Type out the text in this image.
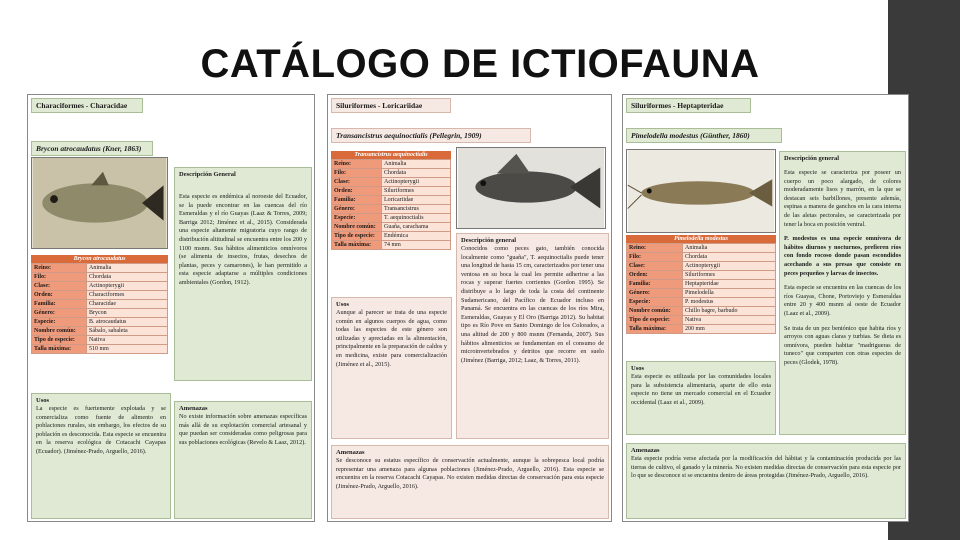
CATÁLOGO DE ICTIOFAUNA
Characiformes - Characidae
Brycon atrocaudatus (Kner, 1863)
Descripción General
Esta especie es endémica al noroeste del Ecuador, se la puede encontrar en las cuencas del río Esmeraldas y el río Guayas (Laaz & Torres, 2009; Barriga 2012; Jiménez et al., 2015). Considerada una especie altamente migratoria cuyo rango de distribución altitudinal se encuentra entre los 200 y 1100 msnm. Sus hábitos alimenticios omnívoros (se alimenta de insectos, frutas, desechos de plantas, peces y camarones), le han permitido a esta especie adaptarse a múltiples condiciones ambientales (Gordon, 1912).
Brycon atrocaudatus
Reino:	Animalia
Filo:	Chordata
Clase:	Actinopterygii
Orden:	Characiformes
Familia:	Characidae
Género:	Brycon
Especie:	B. atrocaudatus
Nombre común:	Sábalo, sabaleta
Tipo de especie:	Nativa
Talla máxima:	510 mm
Usos
La especie es fuertemente explotada y se comercializa como fuente de alimento en poblaciones rurales, sin embargo, los efectos de su población es desconocida. Esta especie se encuentra en la reserva ecológica de Cotacachi Cayapas (Ecuador). (Jiménez-Prado, Arguello, 2016).
Amenazas
No existe información sobre amenazas específicas más allá de su explotación comercial artesanal y que puedan ser consideradas como peligrosas para sus poblaciones ecológicas (Revelo & Laaz, 2012).
Siluriformes - Loricariidae
Transancistrus aequinoctialis (Pellegrin, 1909)
Transancistrus aequinoctialis
Reino:	Animalia
Filo:	Chordata
Clase:	Actinopterygii
Orden:	Siluriformes
Familia:	Loricariidae
Género:	Transancistrus
Especie:	T. aequinoctialis
Nombre común:	Guaña, carachama
Tipo de especie:	Endémica
Talla máxima:	74 mm
Descripción general
Conocidos como peces gato, también conocida localmente como "guaña", T. aequinoctialis puede tener una longitud de hasta 15 cm, caracterizados por tener una ventosa en su boca la cual les permite adherirse a las rocas y superar fuertes corrientes (Gordon 1995). Se distribuye a lo largo de toda la costa del continente Sudamericano, del Pacífico de Ecuador incluso en Panamá. Se encuentra en las cuencas de los ríos Mira, Esmeraldas, Guayas y El Oro (Barriga 2012). Su habitat tipo es Río Pove en Santo Domingo de los Colorados, a una altitud de 200 y 800 msnm (Fernanda, 2007). Sus hábitos alimenticios se fundamentan en el consumo de microinvertebrados y detritos que recorre en suelo (Jiménez (Barriga, 2012; Laaz, & Torres, 2011).
Usos
Aunque al parecer se trata de una especie común en algunos cuerpos de agua, como todas las especies de este género son utilizadas y apreciadas en la alimentación, principalmente en la preparación de caldos y en medicina, existe para comercialización (Jiménez et al., 2015).
Amenazas
Se desconoce su estatus específico de conservación actualmente, aunque la sobrepesca local podría representar una amenaza para algunas poblaciones (Jiménez-Prado, Arguello, 2016). Esta especie se encuentra en la reserva Cotacachi Cayapas. No existen medidas directas de conservación para esta especie (Jiménez-Prado, Arguello, 2016).
Siluriformes - Heptapteridae
Pimelodella modestus (Günther, 1860)
Descripción general
Esta especie se caracteriza por poseer un cuerpo un poco alargado, de colores moderadamente lisos y marrón, en la que se destacan seis barbillones, presente además, espinas a manera de ganchos en la cara interna de las aletas pectorales, se caracterizada por tener la boca en posición ventral.
P. modestus es una especie omnívora de hábitos diurnos y nocturnos, prefieren ríos con fondo rocoso donde pasan escondidos acechando a sus presas que consiste en peces pequeños y larvas de insectos.
Esta especie se encuentra en las cuencas de los ríos Guayas, Chone, Portoviejo y Esmeraldas entre 20 y 400 msnm al oeste de Ecuador (Laaz et al., 2009).
Se trata de un pez bentónico que habita ríos y arroyos con aguas claras y turbias. Se dieta es omnívora, pueden habitar "madrigueras de tuneco" que comparten con otras especies de peces (Glodek, 1978).
Pimelodella modestus
Reino:	Animalia
Filo:	Chordata
Clase:	Actinopterygii
Orden:	Siluriformes
Familia:	Heptapteridae
Género:	Pimelodella
Especie:	P. modestus
Nombre común:	Chillo bagre, barbudo
Tipo de especie:	Nativa
Talla máxima:	200 mm
Usos
Esta especie es utilizada por las comunidades locales para la subsistencia alimentaria, aparte de ello esta especie no tiene un mercado comercial en el Ecuador occidental (Laaz et al., 2009).
Amenazas
Esta especie podría verse afectada por la modificación del hábitat y la contaminación producida por las tierras de cultivo, el ganado y la minería. No existen medidas directas de conservación para esta especie por lo que se desconoce si se encuentra dentro de áreas protegidas (Jiménez-Prado, Arguello, 2016).
